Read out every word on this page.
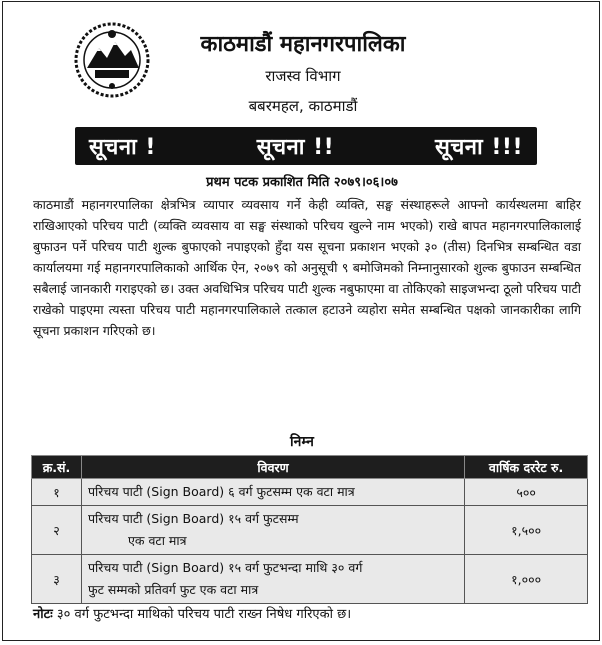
काठमाडौं महानगरपालिका
राजस्व विभाग
बबरमहल, काठमाडौं
सूचना !	सूचना !!	सूचना !!!
प्रथम पटक प्रकाशित मिति २०७९।०६।०७
काठमाडौं महानगरपालिका क्षेत्रभित्र व्यापार व्यवसाय गर्ने केही व्यक्ति, सङ्घ संस्थाहरूले आफ्नो कार्यस्थलमा बाहिर राखिआएको परिचय पाटी (व्यक्ति व्यवसाय वा सङ्घ संस्थाको परिचय खुल्ने नाम भएको) राखे बापत महानगरपालिकालाई बुफाउन पर्ने परिचय पाटी शुल्क बुफाएको नपाइएको हुँदा यस सूचना प्रकाशन भएको ३० (तीस) दिनभित्र सम्बन्धित वडा कार्यालयमा गई महानगरपालिकाको आर्थिक ऐन, २०७९ को अनुसूची ९ बमोजिमको निम्नानुसारको शुल्क बुफाउन सम्बन्धित सबैलाई जानकारी गराइएको छ। उक्त अवधिभित्र परिचय पाटी शुल्क नबुफाएमा वा तोकिएको साइजभन्दा ठूलो परिचय पाटी राखेको पाइएमा त्यस्ता परिचय पाटी महानगरपालिकाले तत्काल हटाउने व्यहोरा समेत सम्बन्धित पक्षको जानकारीका लागि सूचना प्रकाशन गरिएको छ।
निम्न
क्र.सं.	विवरण	वार्षिक दररेट रु.
१	परिचय पाटी (Sign Board) ६ वर्ग फुटसम्म एक वटा मात्र	५००
२	परिचय पाटी (Sign Board) १५ वर्ग फुटसम्म
एक वटा मात्र	१,५००
३	परिचय पाटी (Sign Board) १५ वर्ग फुटभन्दा माथि ३० वर्ग
फुट सम्मको प्रतिवर्ग फुट एक वटा मात्र	१,०००
नोटः ३० वर्ग फुटभन्दा माथिको परिचय पाटी राख्न निषेध गरिएको छ।
